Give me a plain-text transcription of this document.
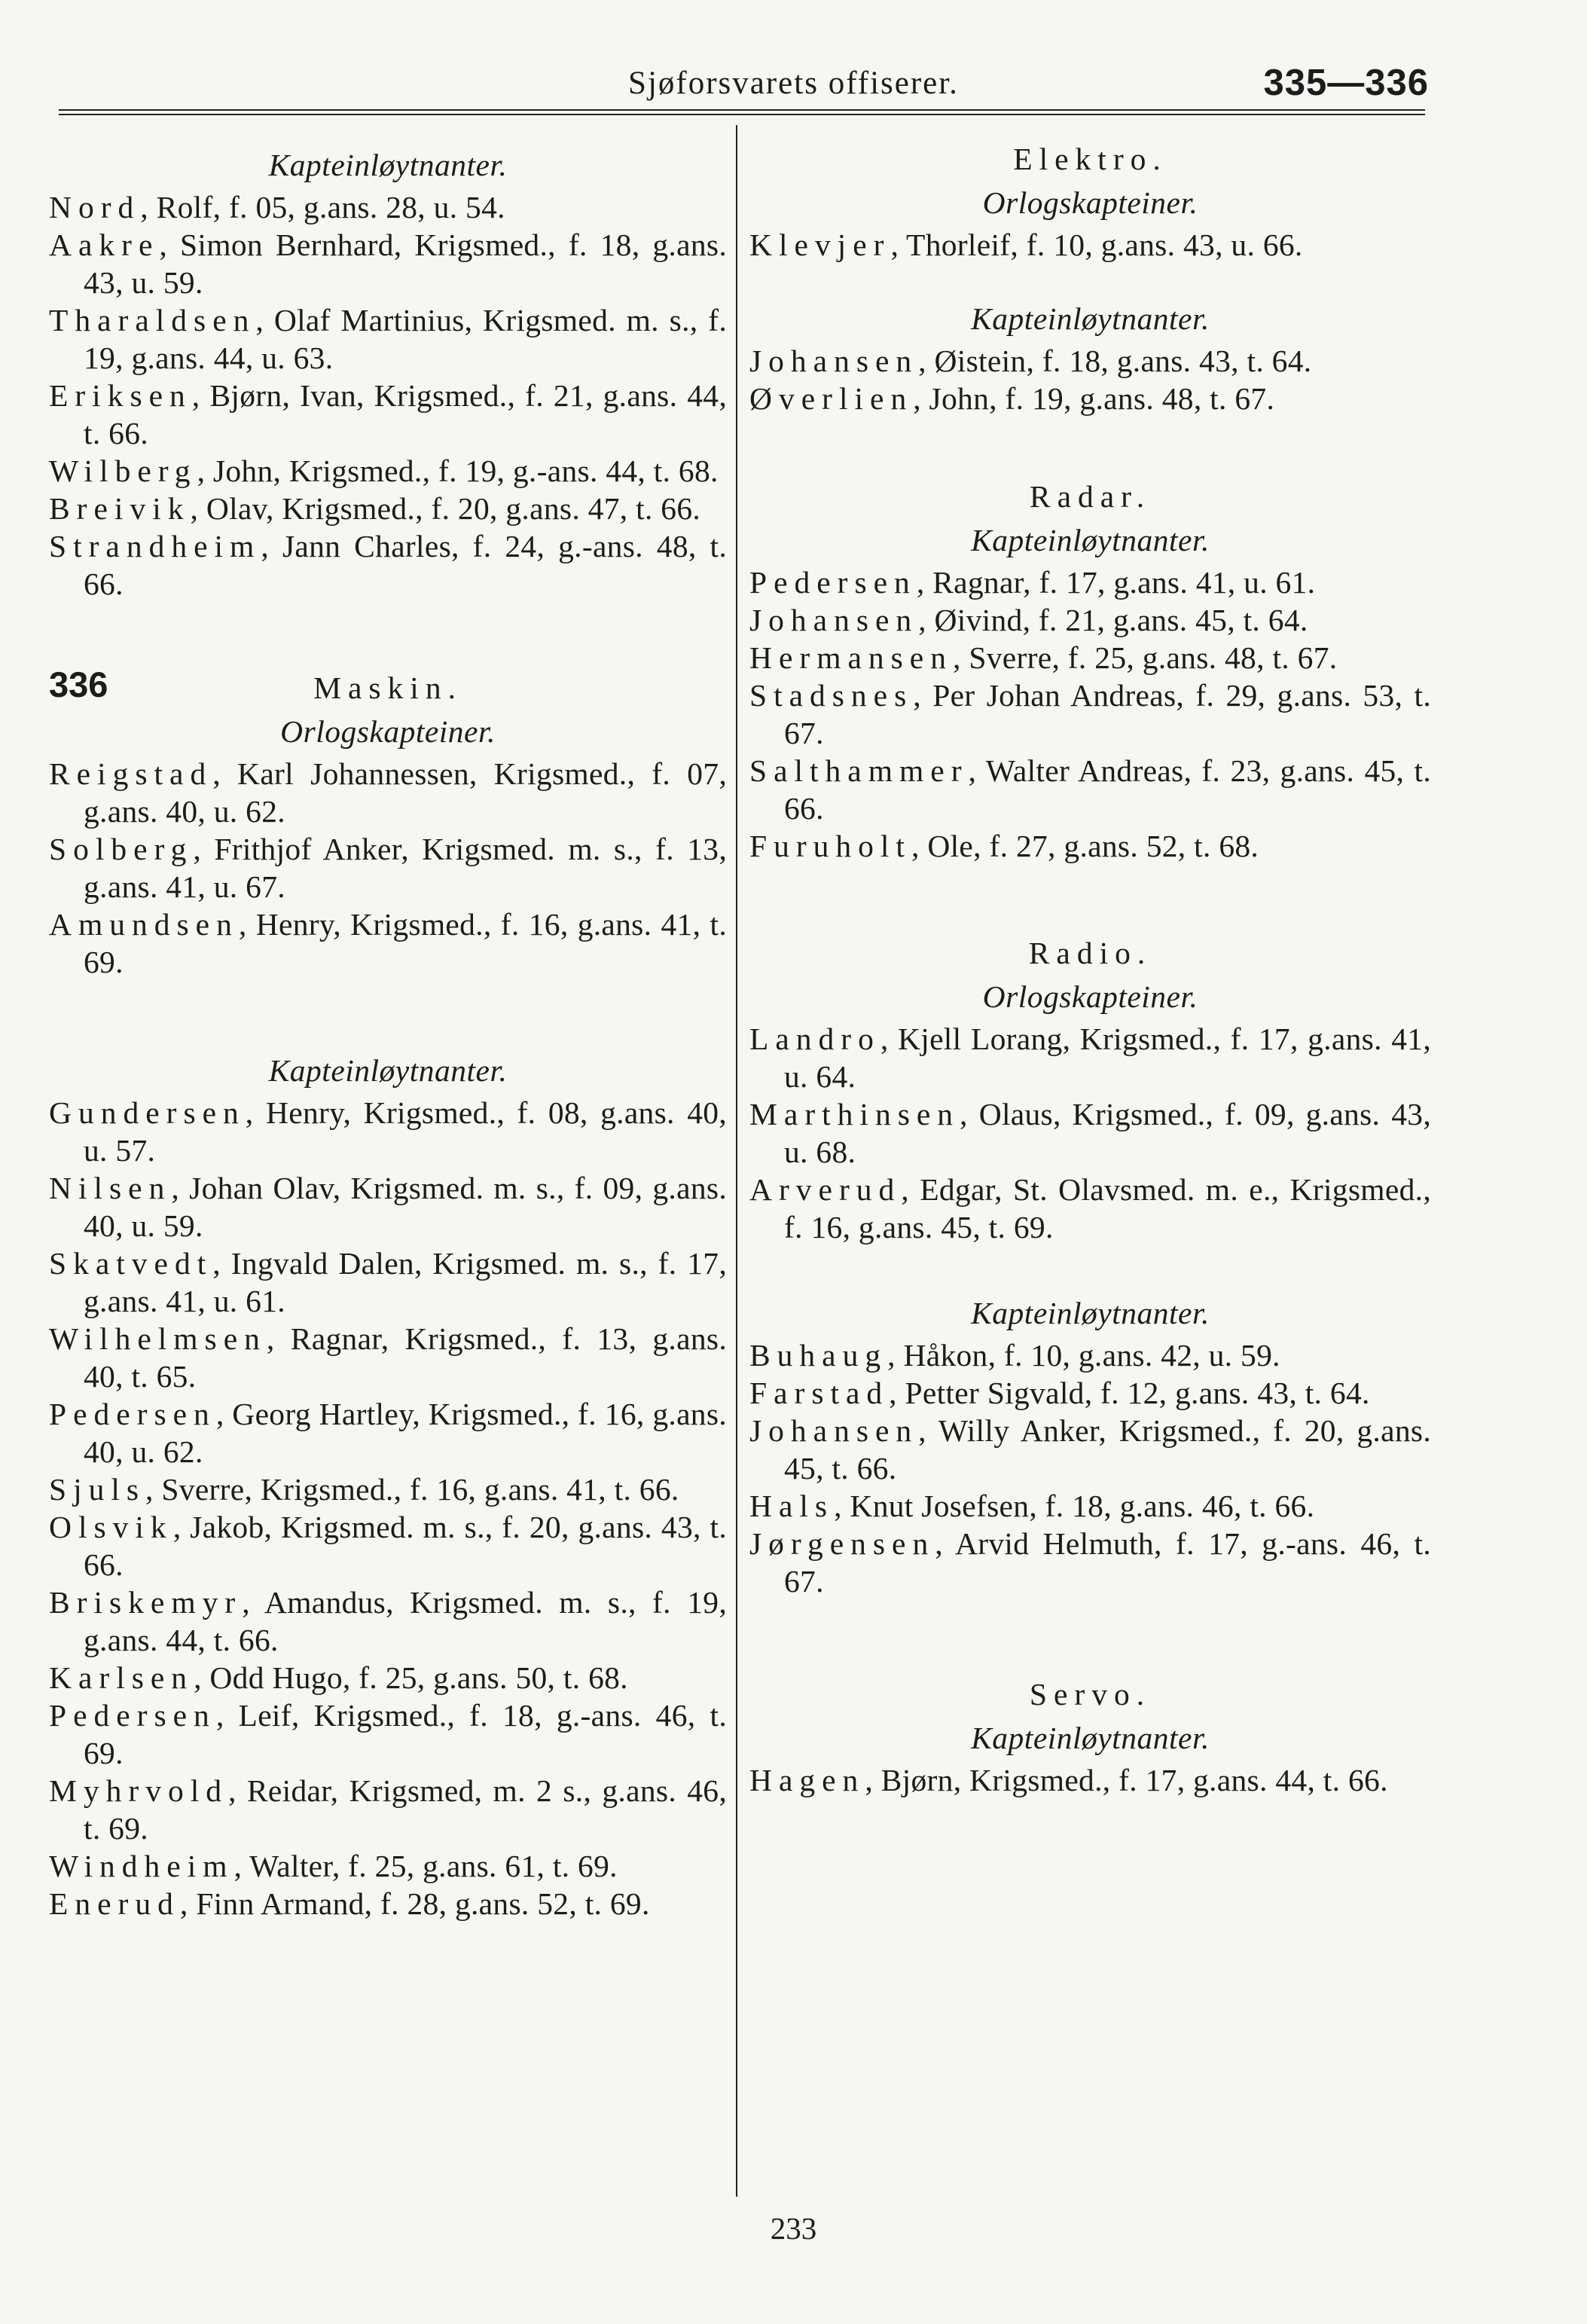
Sjøforsvarets offiserer.	335—336
Kapteinløytnanter.
Nord, Rolf, f. 05, g.ans. 28, u. 54.
Aakre, Simon Bernhard, Krigsmed., f. 18, g.ans. 43, u. 59.
Tharaldsen, Olaf Martinius, Krigsmed. m. s., f. 19, g.ans. 44, u. 63.
Eriksen, Bjørn, Ivan, Krigsmed., f. 21, g.ans. 44, t. 66.
Wilberg, John, Krigsmed., f. 19, g.-ans. 44, t. 68.
Breivik, Olav, Krigsmed., f. 20, g.ans. 47, t. 66.
Strandheim, Jann Charles, f. 24, g.-ans. 48, t. 66.
336	Maskin.
Orlogskapteiner.
Reigstad, Karl Johannessen, Krigsmed., f. 07, g.ans. 40, u. 62.
Solberg, Frithjof Anker, Krigsmed. m. s., f. 13, g.ans. 41, u. 67.
Amundsen, Henry, Krigsmed., f. 16, g.ans. 41, t. 69.
Kapteinløytnanter.
Gundersen, Henry, Krigsmed., f. 08, g.ans. 40, u. 57.
Nilsen, Johan Olav, Krigsmed. m. s., f. 09, g.ans. 40, u. 59.
Skatvedt, Ingvald Dalen, Krigsmed. m. s., f. 17, g.ans. 41, u. 61.
Wilhelmsen, Ragnar, Krigsmed., f. 13, g.ans. 40, t. 65.
Pedersen, Georg Hartley, Krigsmed., f. 16, g.ans. 40, u. 62.
Sjuls, Sverre, Krigsmed., f. 16, g.ans. 41, t. 66.
Olsvik, Jakob, Krigsmed. m. s., f. 20, g.ans. 43, t. 66.
Briskemyr, Amandus, Krigsmed. m. s., f. 19, g.ans. 44, t. 66.
Karlsen, Odd Hugo, f. 25, g.ans. 50, t. 68.
Pedersen, Leif, Krigsmed., f. 18, g.-ans. 46, t. 69.
Myhrvold, Reidar, Krigsmed, m. 2 s., g.ans. 46, t. 69.
Windheim, Walter, f. 25, g.ans. 61, t. 69.
Enerud, Finn Armand, f. 28, g.ans. 52, t. 69.
Elektro.
Orlogskapteiner.
Klevjer, Thorleif, f. 10, g.ans. 43, u. 66.
Kapteinløytnanter.
Johansen, Øistein, f. 18, g.ans. 43, t. 64.
Øverlien, John, f. 19, g.ans. 48, t. 67.
Radar.
Kapteinløytnanter.
Pedersen, Ragnar, f. 17, g.ans. 41, u. 61.
Johansen, Øivind, f. 21, g.ans. 45, t. 64.
Hermansen, Sverre, f. 25, g.ans. 48, t. 67.
Stadsnes, Per Johan Andreas, f. 29, g.ans. 53, t. 67.
Salthammer, Walter Andreas, f. 23, g.ans. 45, t. 66.
Furuholt, Ole, f. 27, g.ans. 52, t. 68.
Radio.
Orlogskapteiner.
Landro, Kjell Lorang, Krigsmed., f. 17, g.ans. 41, u. 64.
Marthinsen, Olaus, Krigsmed., f. 09, g.ans. 43, u. 68.
Arverud, Edgar, St. Olavsmed. m. e., Krigsmed., f. 16, g.ans. 45, t. 69.
Kapteinløytnanter.
Buhaug, Håkon, f. 10, g.ans. 42, u. 59.
Farstad, Petter Sigvald, f. 12, g.ans. 43, t. 64.
Johansen, Willy Anker, Krigsmed., f. 20, g.ans. 45, t. 66.
Hals, Knut Josefsen, f. 18, g.ans. 46, t. 66.
Jørgensen, Arvid Helmuth, f. 17, g.-ans. 46, t. 67.
Servo.
Kapteinløytnanter.
Hagen, Bjørn, Krigsmed., f. 17, g.ans. 44, t. 66.
233
